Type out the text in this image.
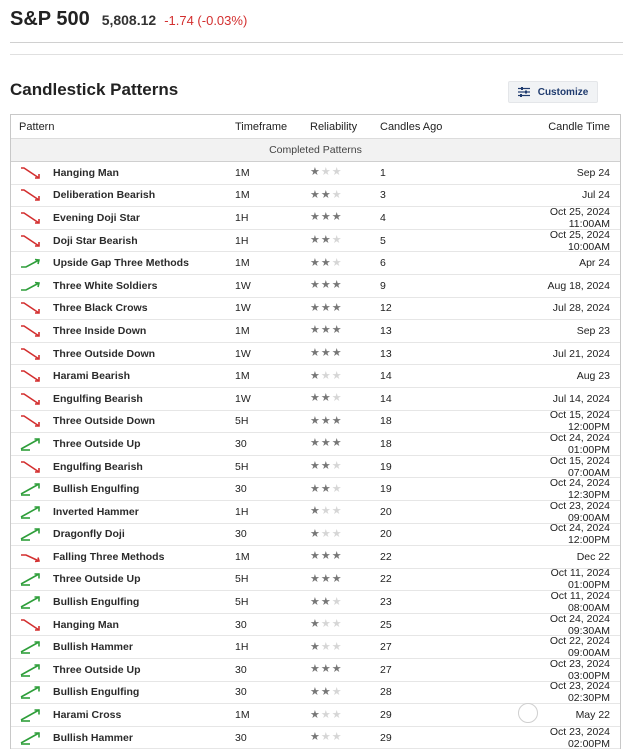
S&P 500 5,808.12 -1.74 (-0.03%)
Candlestick Patterns	Customize
Pattern	Timeframe	Reliability	Candles Ago	Candle Time
Completed Patterns
Hanging Man	1M	★ ★ ★	1	Sep 24
Deliberation Bearish	1M	★ ★ ★	3	Jul 24
Evening Doji Star	1H	★ ★ ★	4	Oct 25, 2024 11:00AM
Doji Star Bearish	1H	★ ★ ★	5	Oct 25, 2024 10:00AM
Upside Gap Three Methods	1M	★ ★ ★	6	Apr 24
Three White Soldiers	1W	★ ★ ★	9	Aug 18, 2024
Three Black Crows	1W	★ ★ ★	12	Jul 28, 2024
Three Inside Down	1M	★ ★ ★	13	Sep 23
Three Outside Down	1W	★ ★ ★	13	Jul 21, 2024
Harami Bearish	1M	★ ★ ★	14	Aug 23
Engulfing Bearish	1W	★ ★ ★	14	Jul 14, 2024
Three Outside Down	5H	★ ★ ★	18	Oct 15, 2024 12:00PM
Three Outside Up	30	★ ★ ★	18	Oct 24, 2024 01:00PM
Engulfing Bearish	5H	★ ★ ★	19	Oct 15, 2024 07:00AM
Bullish Engulfing	30	★ ★ ★	19	Oct 24, 2024 12:30PM
Inverted Hammer	1H	★ ★ ★	20	Oct 23, 2024 09:00AM
Dragonfly Doji	30	★ ★ ★	20	Oct 24, 2024 12:00PM
Falling Three Methods	1M	★ ★ ★	22	Dec 22
Three Outside Up	5H	★ ★ ★	22	Oct 11, 2024 01:00PM
Bullish Engulfing	5H	★ ★ ★	23	Oct 11, 2024 08:00AM
Hanging Man	30	★ ★ ★	25	Oct 24, 2024 09:30AM
Bullish Hammer	1H	★ ★ ★	27	Oct 22, 2024 09:00AM
Three Outside Up	30	★ ★ ★	27	Oct 23, 2024 03:00PM
Bullish Engulfing	30	★ ★ ★	28	Oct 23, 2024 02:30PM
Harami Cross	1M	★ ★ ★	29	May 22
Bullish Hammer	30	★ ★ ★	29	Oct 23, 2024 02:00PM
